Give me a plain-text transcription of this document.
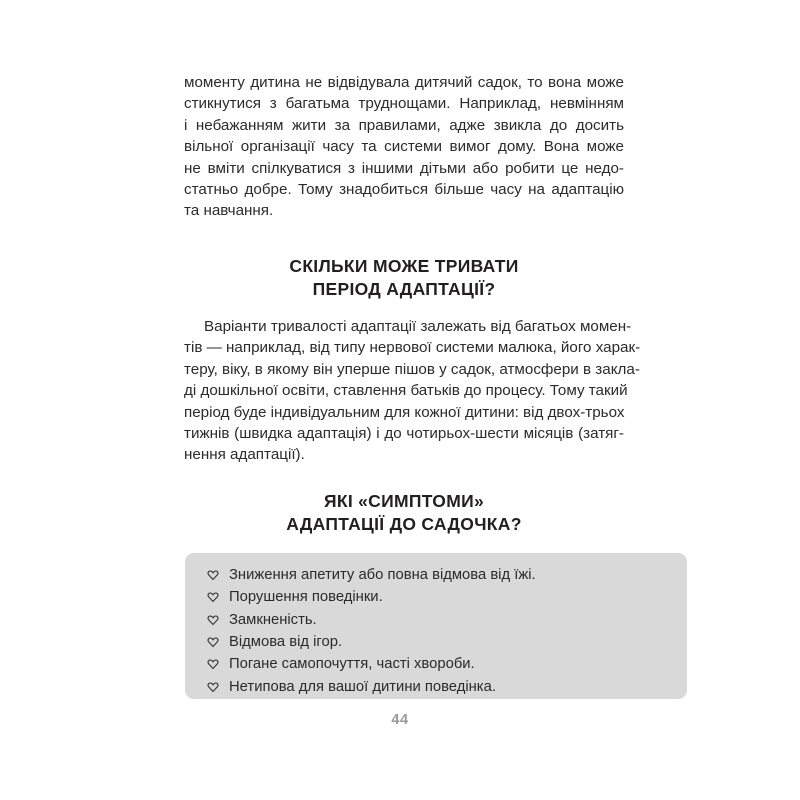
моменту дитина не відвідувала дитячий садок, то вона може
стикнутися з багатьма труднощами. Наприклад, невмінням
і небажанням жити за правилами, адже звикла до досить
вільної організації часу та системи вимог дому. Вона може
не вміти спілкуватися з іншими дітьми або робити це недо-
статньо добре. Тому знадобиться більше часу на адаптацію
та навчання.

СКІЛЬКИ МОЖЕ ТРИВАТИ
ПЕРІОД АДАПТАЦІЇ?

Варіанти тривалості адаптації залежать від багатьох момен-
тів — наприклад, від типу нервової системи малюка, його харак-
теру, віку, в якому він уперше пішов у садок, атмосфери в закла-
ді дошкільної освіти, ставлення батьків до процесу. Тому такий
період буде індивідуальним для кожної дитини: від двох-трьох
тижнів (швидка адаптація) і до чотирьох-шести місяців (затяг-
нення адаптації).

ЯКІ «СИМПТОМИ»
АДАПТАЦІЇ ДО САДОЧКА?
Зниження апетиту або повна відмова від їжі.
Порушення поведінки.
Замкненість.
Відмова від ігор.
Погане самопочуття, часті хвороби.
Нетипова для вашої дитини поведінка.
44
